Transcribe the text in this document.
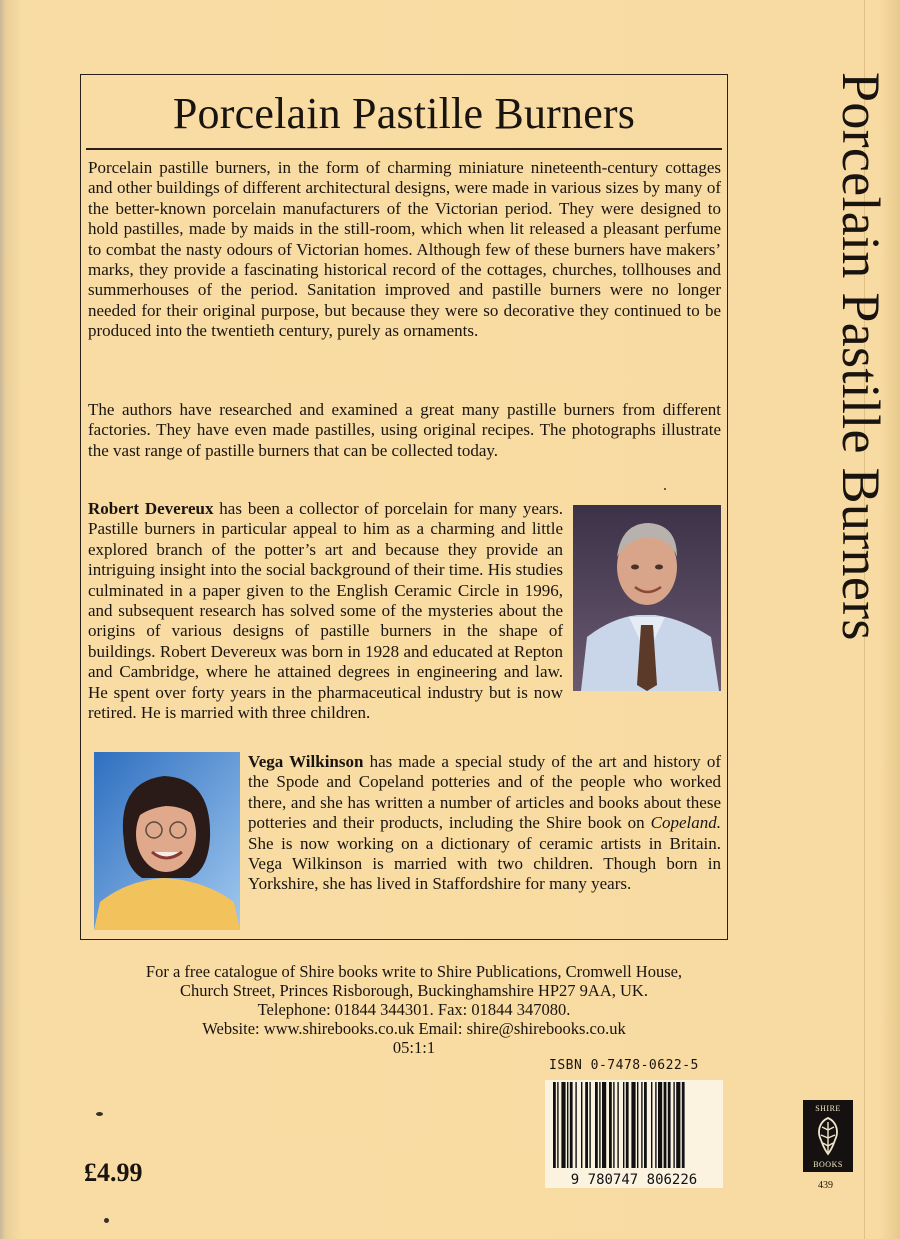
Porcelain Pastille Burners

Porcelain pastille burners, in the form of charming miniature nineteenth-century cottages and other buildings of different architectural designs, were made in various sizes by many of the better-known porcelain manufacturers of the Victorian period. They were designed to hold pastilles, made by maids in the still-room, which when lit released a pleasant perfume to combat the nasty odours of Victorian homes. Although few of these burners have makers’ marks, they provide a fascinating historical record of the cottages, churches, tollhouses and summerhouses of the period. Sanitation improved and pastille burners were no longer needed for their original purpose, but because they were so decorative they continued to be produced into the twentieth century, purely as ornaments.

The authors have researched and examined a great many pastille burners from different factories. They have even made pastilles, using original recipes. The photographs illustrate the vast range of pastille burners that can be collected today.

Robert Devereux has been a collector of porcelain for many years. Pastille burners in particular appeal to him as a charming and little explored branch of the potter’s art and because they provide an intriguing insight into the social background of their time. His studies culminated in a paper given to the English Ceramic Circle in 1996, and subsequent research has solved some of the mysteries about the origins of various designs of pastille burners in the shape of buildings. Robert Devereux was born in 1928 and educated at Repton and Cambridge, where he attained degrees in engineering and law. He spent over forty years in the pharmaceutical industry but is now retired. He is married with three children.

Vega Wilkinson has made a special study of the art and history of the Spode and Copeland potteries and of the people who worked there, and she has written a number of articles and books about these potteries and their products, including the Shire book on Copeland. She is now working on a dictionary of ceramic artists in Britain. Vega Wilkinson is married with two children. Though born in Yorkshire, she has lived in Staffordshire for many years.

For a free catalogue of Shire books write to Shire Publications, Cromwell House,
Church Street, Princes Risborough, Buckinghamshire HP27 9AA, UK.
Telephone: 01844 344301. Fax: 01844 347080.
Website: www.shirebooks.co.uk Email: shire@shirebooks.co.uk
05:1:1
Porcelain Pastille Burners
ISBN 0-7478-0622-5
9 780747 806226
£4.99
SHIRE
BOOKS
439
